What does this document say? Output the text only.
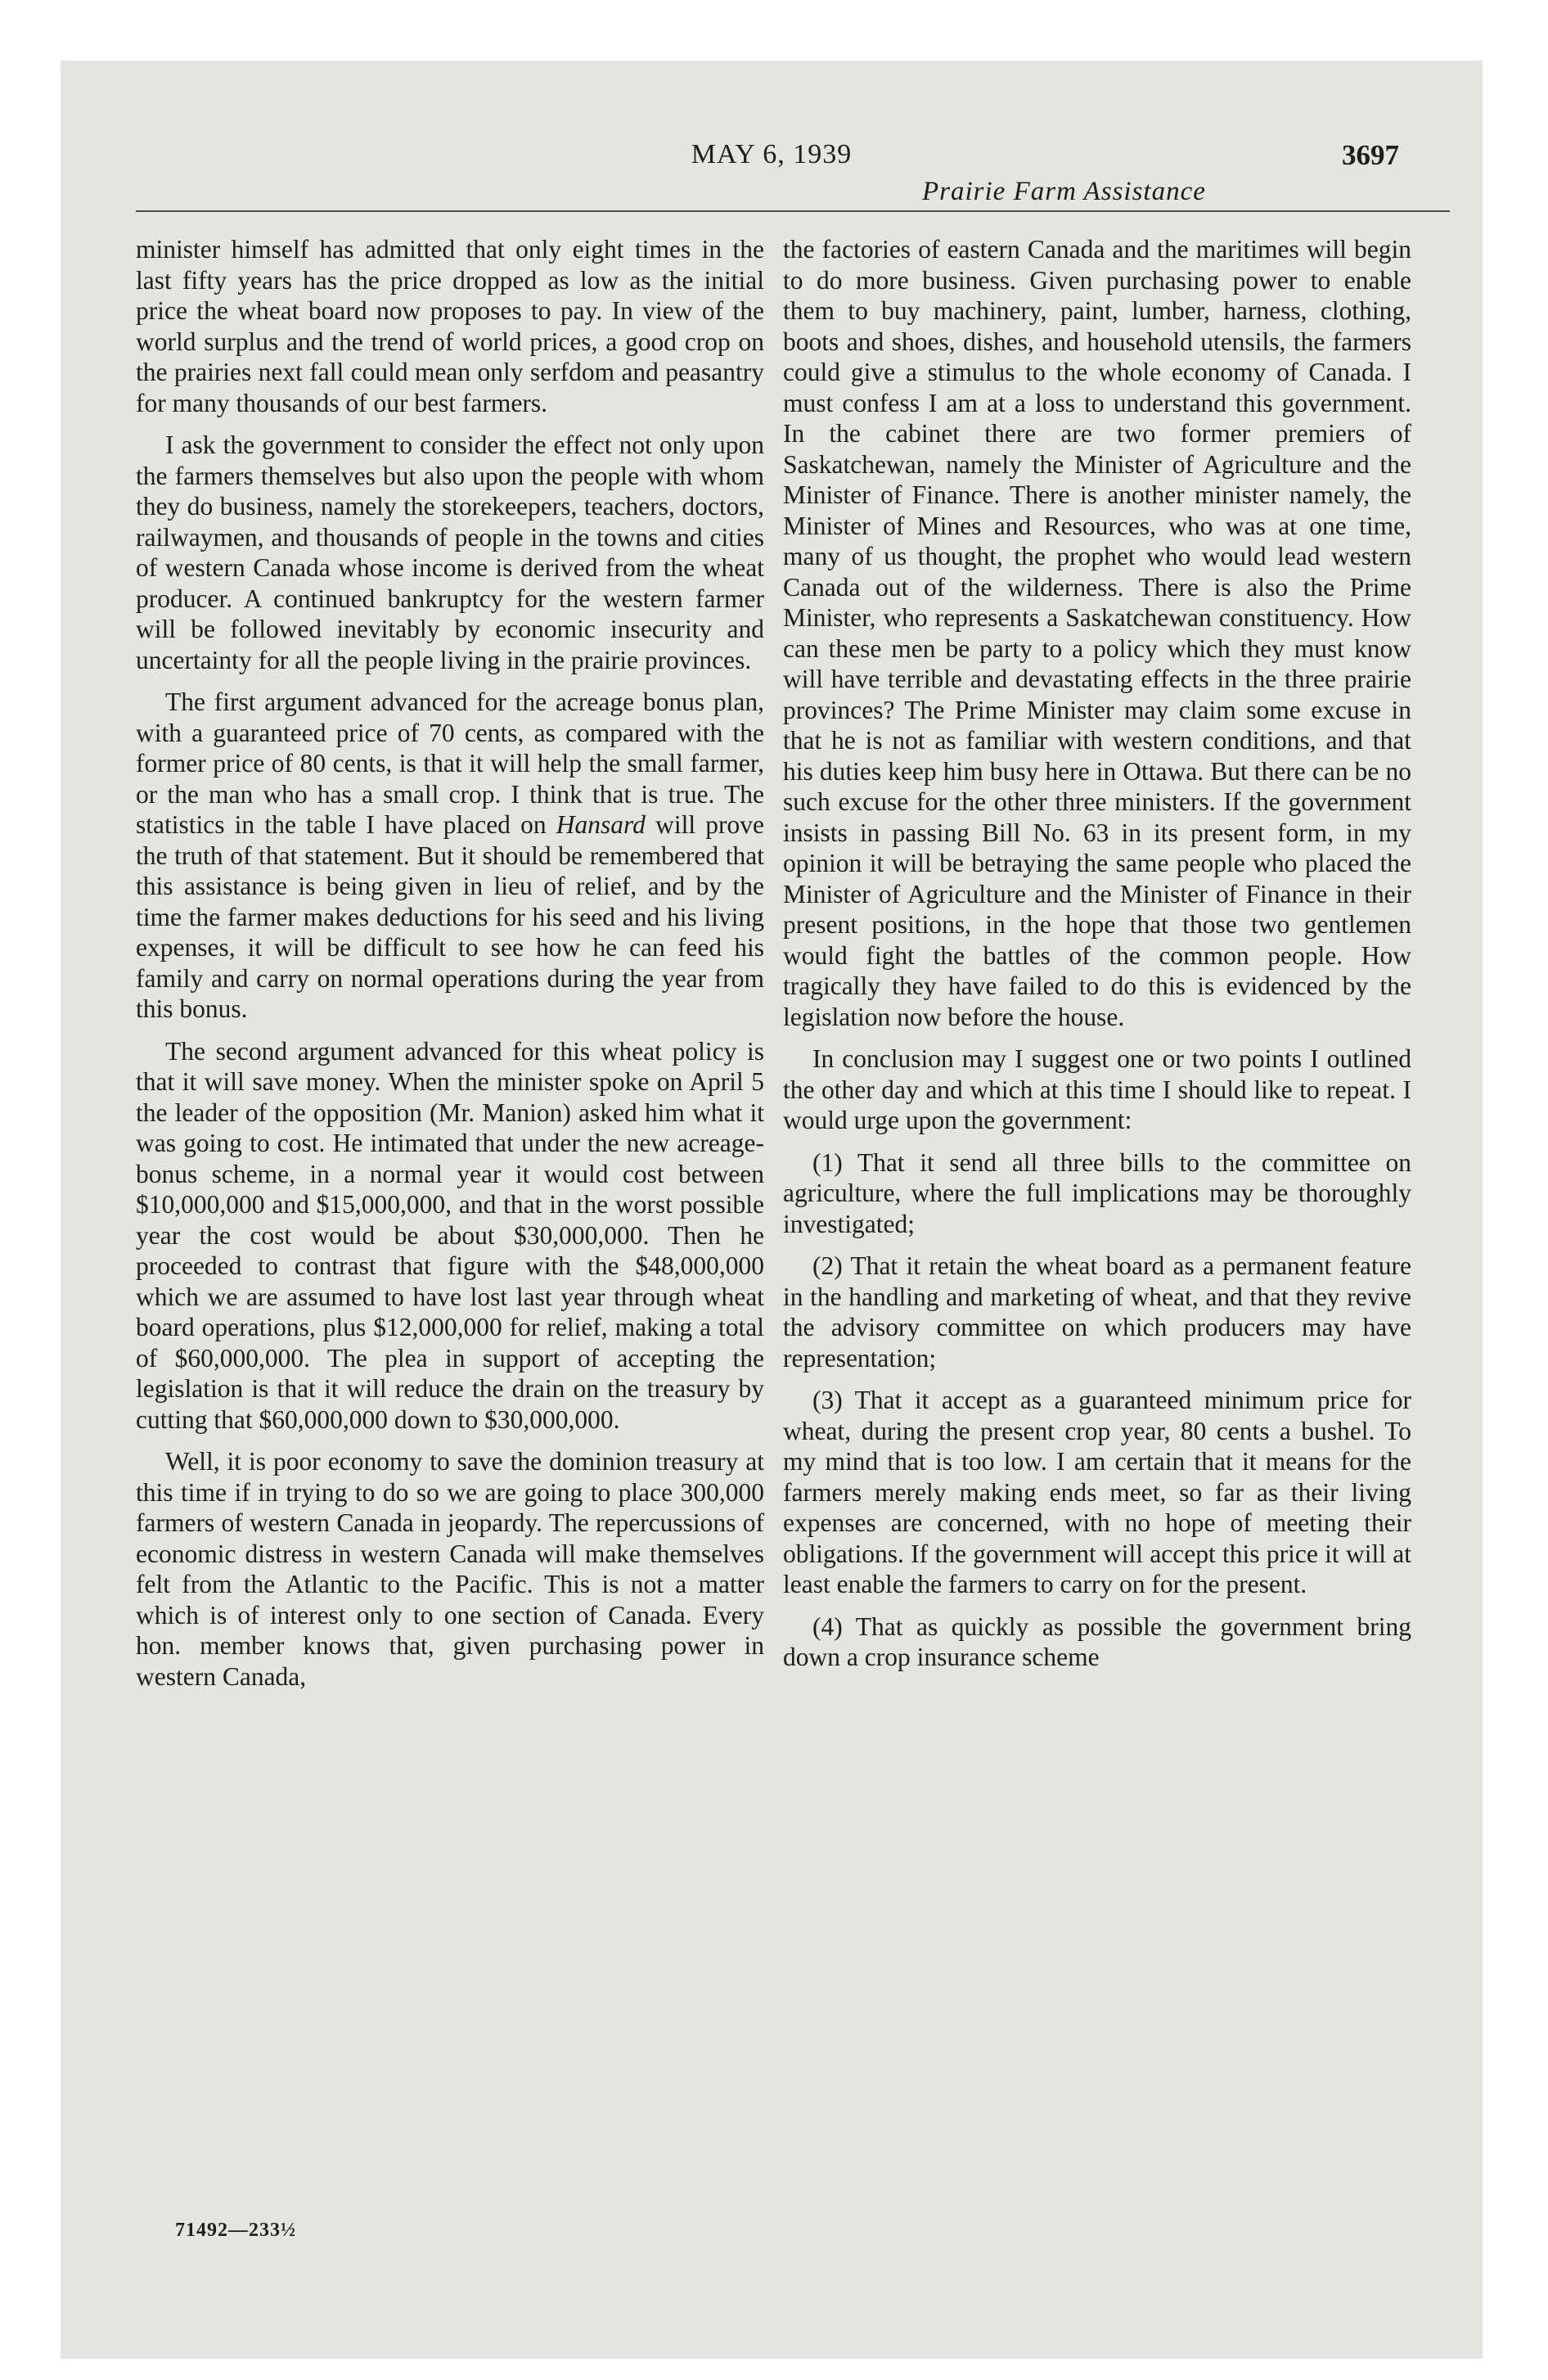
MAY 6, 1939	3697
Prairie Farm Assistance

minister himself has admitted that only eight times in the last fifty years has the price dropped as low as the initial price the wheat board now proposes to pay. In view of the world surplus and the trend of world prices, a good crop on the prairies next fall could mean only serfdom and peasantry for many thousands of our best farmers.

I ask the government to consider the effect not only upon the farmers themselves but also upon the people with whom they do business, namely the storekeepers, teachers, doctors, railwaymen, and thousands of people in the towns and cities of western Canada whose income is derived from the wheat producer. A continued bankruptcy for the western farmer will be followed inevitably by economic insecurity and uncertainty for all the people living in the prairie provinces.

The first argument advanced for the acreage bonus plan, with a guaranteed price of 70 cents, as compared with the former price of 80 cents, is that it will help the small farmer, or the man who has a small crop. I think that is true. The statistics in the table I have placed on Hansard will prove the truth of that statement. But it should be remembered that this assistance is being given in lieu of relief, and by the time the farmer makes deductions for his seed and his living expenses, it will be difficult to see how he can feed his family and carry on normal operations during the year from this bonus.

The second argument advanced for this wheat policy is that it will save money. When the minister spoke on April 5 the leader of the opposition (Mr. Manion) asked him what it was going to cost. He intimated that under the new acreage-bonus scheme, in a normal year it would cost between $10,000,000 and $15,000,000, and that in the worst possible year the cost would be about $30,000,000. Then he proceeded to contrast that figure with the $48,000,000 which we are assumed to have lost last year through wheat board operations, plus $12,000,000 for relief, making a total of $60,000,000. The plea in support of accepting the legislation is that it will reduce the drain on the treasury by cutting that $60,000,000 down to $30,000,000.

Well, it is poor economy to save the dominion treasury at this time if in trying to do so we are going to place 300,000 farmers of western Canada in jeopardy. The repercussions of economic distress in western Canada will make themselves felt from the Atlantic to the Pacific. This is not a matter which is of interest only to one section of Canada. Every hon. member knows that, given purchasing power in western Canada,

the factories of eastern Canada and the maritimes will begin to do more business. Given purchasing power to enable them to buy machinery, paint, lumber, harness, clothing, boots and shoes, dishes, and household utensils, the farmers could give a stimulus to the whole economy of Canada. I must confess I am at a loss to understand this government. In the cabinet there are two former premiers of Saskatchewan, namely the Minister of Agriculture and the Minister of Finance. There is another minister namely, the Minister of Mines and Resources, who was at one time, many of us thought, the prophet who would lead western Canada out of the wilderness. There is also the Prime Minister, who represents a Saskatchewan constituency. How can these men be party to a policy which they must know will have terrible and devastating effects in the three prairie provinces? The Prime Minister may claim some excuse in that he is not as familiar with western conditions, and that his duties keep him busy here in Ottawa. But there can be no such excuse for the other three ministers. If the government insists in passing Bill No. 63 in its present form, in my opinion it will be betraying the same people who placed the Minister of Agriculture and the Minister of Finance in their present positions, in the hope that those two gentlemen would fight the battles of the common people. How tragically they have failed to do this is evidenced by the legislation now before the house.

In conclusion may I suggest one or two points I outlined the other day and which at this time I should like to repeat. I would urge upon the government:

(1) That it send all three bills to the committee on agriculture, where the full implications may be thoroughly investigated;

(2) That it retain the wheat board as a permanent feature in the handling and marketing of wheat, and that they revive the advisory committee on which producers may have representation;

(3) That it accept as a guaranteed minimum price for wheat, during the present crop year, 80 cents a bushel. To my mind that is too low. I am certain that it means for the farmers merely making ends meet, so far as their living expenses are concerned, with no hope of meeting their obligations. If the government will accept this price it will at least enable the farmers to carry on for the present.

(4) That as quickly as possible the government bring down a crop insurance scheme

71492—233½
